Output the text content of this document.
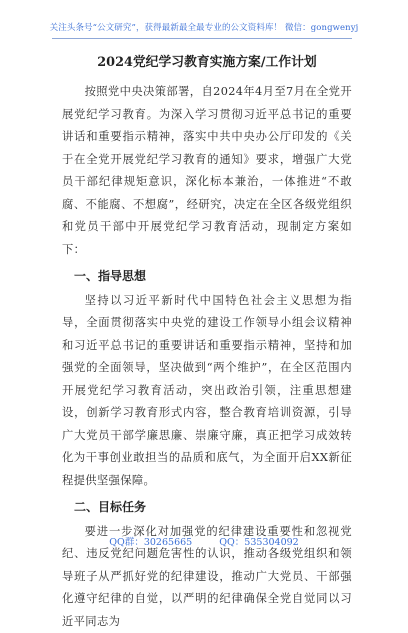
关注头条号“公文研究”，获得最新最全最专业的公文资料库！ 微信：gongwenyj
2024党纪学习教育实施方案/工作计划

按照党中央决策部署，自2024年4月至7月在全党开展党纪学习教育。为深入学习贯彻习近平总书记的重要讲话和重要指示精神，落实中共中央办公厅印发的《关于在全党开展党纪学习教育的通知》要求，增强广大党员干部纪律规矩意识，深化标本兼治，一体推进“不敢腐、不能腐、不想腐”，经研究，决定在全区各级党组织和党员干部中开展党纪学习教育活动，现制定方案如下：

一、指导思想

坚持以习近平新时代中国特色社会主义思想为指导，全面贯彻落实中央党的建设工作领导小组会议精神和习近平总书记的重要讲话和重要指示精神，坚持和加强党的全面领导，坚决做到“两个维护”，在全区范围内开展党纪学习教育活动，突出政治引领，注重思想建设，创新学习教育形式内容，整合教育培训资源，引导广大党员干部学廉思廉、崇廉守廉，真正把学习成效转化为干事创业敢担当的品质和底气，为全面开启XX新征程提供坚强保障。

二、目标任务

要进一步深化对加强党的纪律建设重要性和忽视党纪、违反党纪问题危害性的认识，推动各级党组织和领导班子从严抓好党的纪律建设，推动广大党员、干部强化遵守纪律的自觉，以严明的纪律确保全党自觉同以习近平同志为

QQ群：30265665	QQ：535304092
